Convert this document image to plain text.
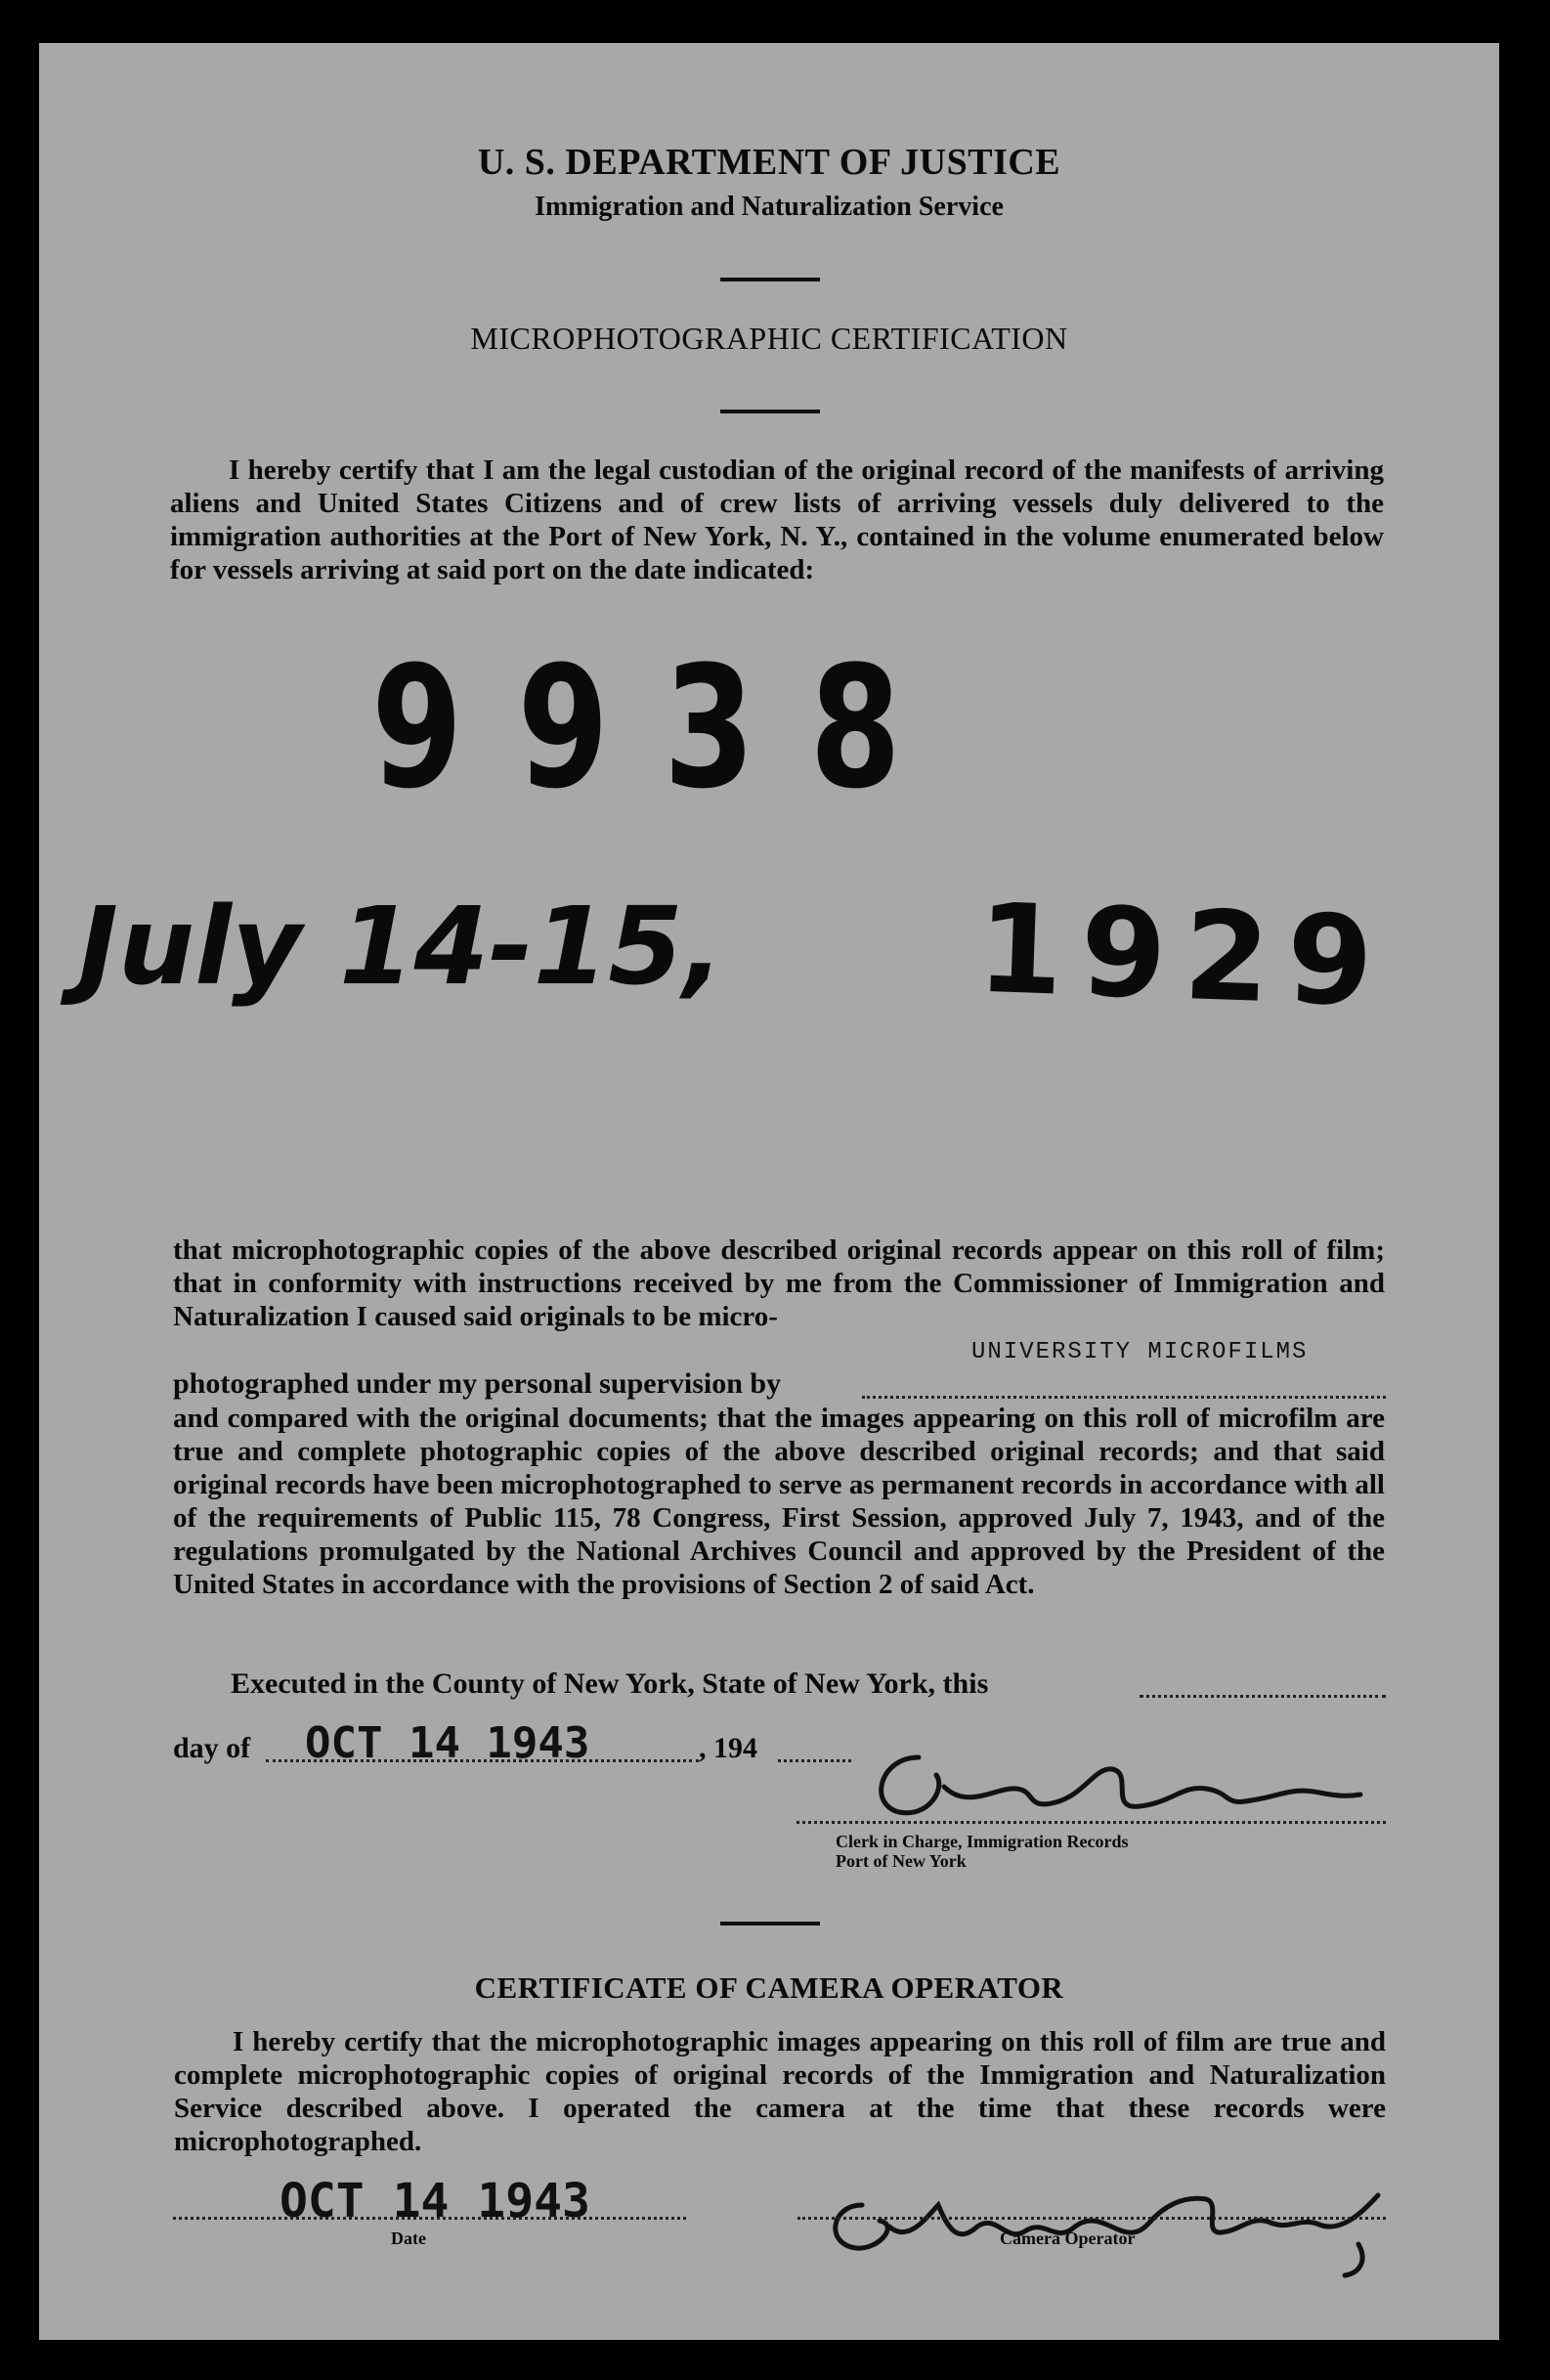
U. S. DEPARTMENT OF JUSTICE
Immigration and Naturalization Service
MICROPHOTOGRAPHIC CERTIFICATION

I hereby certify that I am the legal custodian of the original record of the manifests of arriving aliens and United States Citizens and of crew lists of arriving vessels duly delivered to the immigration authorities at the Port of New York, N. Y., contained in the volume enumerated below for vessels arriving at said port on the date indicated:

9938
July 14-15, 1929

that microphotographic copies of the above described original records appear on this roll of film; that in conformity with instructions received by me from the Commissioner of Immigration and Naturalization I caused said originals to be micro-

photographed under my personal supervision by
UNIVERSITY MICROFILMS

and compared with the original documents; that the images appearing on this roll of microfilm are true and complete photographic copies of the above described original records; and that said original records have been microphotographed to serve as permanent records in accordance with all of the requirements of Public 115, 78 Congress, First Session, approved July 7, 1943, and of the regulations promulgated by the National Archives Council and approved by the President of the United States in accordance with the provisions of Section 2 of said Act.

Executed in the County of New York, State of New York, this
day of OCT 14 1943	, 194
Clerk in Charge, Immigration Records
Port of New York
CERTIFICATE OF CAMERA OPERATOR

I hereby certify that the microphotographic images appearing on this roll of film are true and complete microphotographic copies of original records of the Immigration and Naturalization Service described above. I operated the camera at the time that these records were microphotographed.

OCT 14 1943
Date	Camera Operator
